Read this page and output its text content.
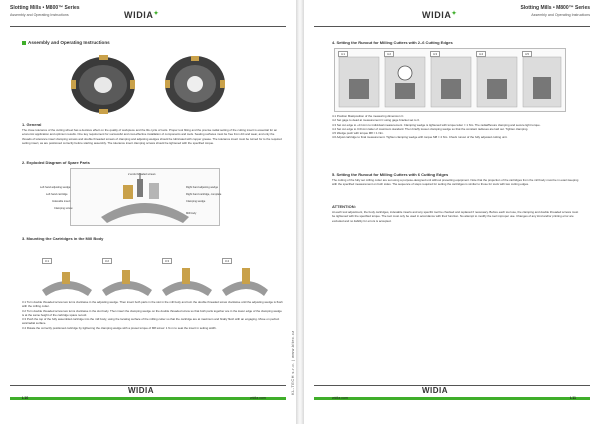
Slotting Mills • M800™ Series
Assembly and Operating Instructions	WIDIA✦
Assembly and Operating Instructions
1. General
The close tolerance of the cutting wheel has a decisive effect on the quality of workpiece and the life cycle of tools. Proper tool fitting and the precise radial setting of the cutting insert is essential for an economic application and optimum results. One key requirement for successful and cost-effective installation of components and tools. Seating surfaces must be free from dirt and wear, and only the threads of tolerance insert clamping screws and double threaded screws of clamping and adjusting wedges should be lubricated with copper grease. The tolerance insert must be turned for to the required setting insert, as are positioned correctly before starting assembly. The tolerance insert clamping screws should be tightened with the specified torque.
2. Exploded Diagram of Spare Parts
Left hand adjusting wedge
Left hand cartridge
Indexable insert
Clamping screw
2 ends threaded screws
Right hand adjusting wedge
Right hand cartridge, complete
Clamping wedge
Mill body
3. Mounting the Cartridges in the Mill Body
3.1	3.2	3.3	3.4
3.1 Turn double threaded screw two turns clockwise in the adjusting wedge. Then insert both parts in the slot in the mill body and turn the double threaded screw clockwise until the adjusting wedge is flush with the milling cutter.
3.2 Turn double threaded screw two turns clockwise in the slot body. Then insert the clamping wedge on the double threaded screw so that both parts together are in the lower edge of the clamping wedge is at the same height of the cartridge space record.
3.3 Push the top of the fully assembled cartridge into the mill body, using the locating surface of the milling cutter so that the cartridge are at maximum and finally flush with an engaging. Move on perfect axis/radial surface.
3.4 Rotate the correctly positioned cartridge by tightening the clamping wedge with a preset torque of M8 screw: 1 N-m to seat the insert in setting width.
L10
WIDIA
widia.com
KL-TECH s.r.o. | www.kltec.cz
Slotting Mills • M800™ Series
Assembly and Operating Instructions
WIDIA✦
4. Setting the Runout for Milling Cutters with 2–6 Cutting Edges
4.1	4.2	4.3	4.4	4.5
4.1 Position Mastposition of the measuring dimension C.
4.2 Set gage to dead at measurement C using gage bracket set to 0.
4.3 Set cut edge to +0.1mm to individual measurement. Clamping wedge is tightened with torque letter = 1 Nm. The radial/flexure clamping and secure light torque.
4.4 Set cut edge to 0.01mm latter of maximum standard. Then briefly loosen clamping wedge so that the constant radiuses are laid out. Tighten clamping.
4.5 Wedge push with torque M8 = 1 Nm.
4.6 Adjust cartridge to final measurement. Tighten clamping wedge with torque M8 = 4 Nm. Check runout of the fully adjusted cutting unit.
5. Setting the Runout for Milling Cutters with 6 Cutting Edges
The cutting of the fully set milling cutter are set using a purpose-designed unit without presetting equipment. Note that the projection of the cartridges from the mill body must be in exact keeping with the specified measurement on both sides. The sequence of steps required for setting the cartridges is similar to those for tools with two cutting edges.
ATTENTION:
At each tool adjustment, the body cartridges, indexable inserts and any specific tool be checked and replaced if necessary. Before each tool use, the clamping and double threaded screws must be tightened with the specified torque. The tool must only be used in accordance with their function. No attempt to modify the tool improper use. Changes of any kind and/or printing error are excluded and no liability for errors is accepted.
widia.com
WIDIA
L11
